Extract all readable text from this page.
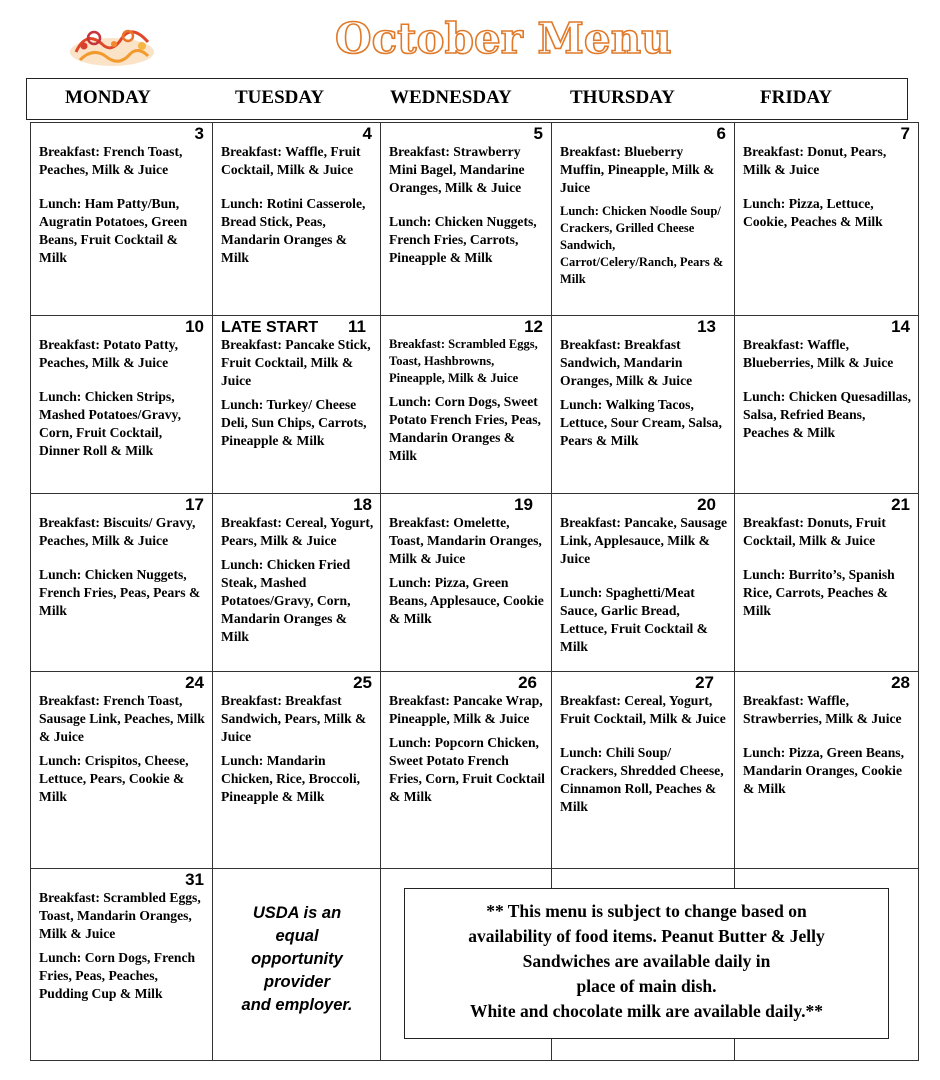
October Menu
MONDAY	TUESDAY	WEDNESDAY	THURSDAY	FRIDAY
3
Breakfast: French Toast, Peaches, Milk & Juice
Lunch: Ham Patty/Bun, Augratin Potatoes, Green Beans, Fruit Cocktail & Milk
4
Breakfast: Waffle, Fruit Cocktail, Milk & Juice
Lunch: Rotini Casserole, Bread Stick, Peas, Mandarin Oranges & Milk
5
Breakfast: Strawberry Mini Bagel, Mandarine Oranges, Milk & Juice
Lunch: Chicken Nuggets, French Fries, Carrots, Pineapple & Milk
6
Breakfast: Blueberry Muffin, Pineapple, Milk & Juice
Lunch: Chicken Noodle Soup/ Crackers, Grilled Cheese Sandwich, Carrot/Celery/Ranch, Pears & Milk
7
Breakfast: Donut, Pears, Milk & Juice
Lunch: Pizza, Lettuce, Cookie, Peaches & Milk
10
Breakfast: Potato Patty, Peaches, Milk & Juice
Lunch: Chicken Strips, Mashed Potatoes/Gravy, Corn, Fruit Cocktail, Dinner Roll & Milk
LATE START 11
Breakfast: Pancake Stick, Fruit Cocktail, Milk & Juice
Lunch: Turkey/ Cheese Deli, Sun Chips, Carrots, Pineapple & Milk
12
Breakfast: Scrambled Eggs, Toast, Hashbrowns, Pineapple, Milk & Juice
Lunch: Corn Dogs, Sweet Potato French Fries, Peas, Mandarin Oranges & Milk
13
Breakfast: Breakfast Sandwich, Mandarin Oranges, Milk & Juice
Lunch: Walking Tacos, Lettuce, Sour Cream, Salsa, Pears & Milk
14
Breakfast: Waffle, Blueberries, Milk & Juice
Lunch: Chicken Quesadillas, Salsa, Refried Beans, Peaches & Milk
17
Breakfast: Biscuits/ Gravy, Peaches, Milk & Juice
Lunch: Chicken Nuggets, French Fries, Peas, Pears & Milk
18
Breakfast: Cereal, Yogurt, Pears, Milk & Juice
Lunch: Chicken Fried Steak, Mashed Potatoes/Gravy, Corn, Mandarin Oranges & Milk
19
Breakfast: Omelette, Toast, Mandarin Oranges, Milk & Juice
Lunch: Pizza, Green Beans, Applesauce, Cookie & Milk
20
Breakfast: Pancake, Sausage Link, Applesauce, Milk & Juice
Lunch: Spaghetti/Meat Sauce, Garlic Bread, Lettuce, Fruit Cocktail & Milk
21
Breakfast: Donuts, Fruit Cocktail, Milk & Juice
Lunch: Burrito’s, Spanish Rice, Carrots, Peaches & Milk
24
Breakfast: French Toast, Sausage Link, Peaches, Milk & Juice
Lunch: Crispitos, Cheese, Lettuce, Pears, Cookie & Milk
25
Breakfast: Breakfast Sandwich, Pears, Milk & Juice
Lunch: Mandarin Chicken, Rice, Broccoli, Pineapple & Milk
26
Breakfast: Pancake Wrap, Pineapple, Milk & Juice
Lunch: Popcorn Chicken, Sweet Potato French Fries, Corn, Fruit Cocktail & Milk
27
Breakfast: Cereal, Yogurt, Fruit Cocktail, Milk & Juice
Lunch: Chili Soup/ Crackers, Shredded Cheese, Cinnamon Roll, Peaches & Milk
28
Breakfast: Waffle, Strawberries, Milk & Juice
Lunch: Pizza, Green Beans, Mandarin Oranges, Cookie & Milk
31
Breakfast: Scrambled Eggs, Toast, Mandarin Oranges, Milk & Juice
Lunch: Corn Dogs, French Fries, Peas, Peaches, Pudding Cup & Milk
USDA is an
equal
opportunity
provider
and employer.
** This menu is subject to change based on
availability of food items. Peanut Butter & Jelly
Sandwiches are available daily in
place of main dish.
White and chocolate milk are available daily.**
